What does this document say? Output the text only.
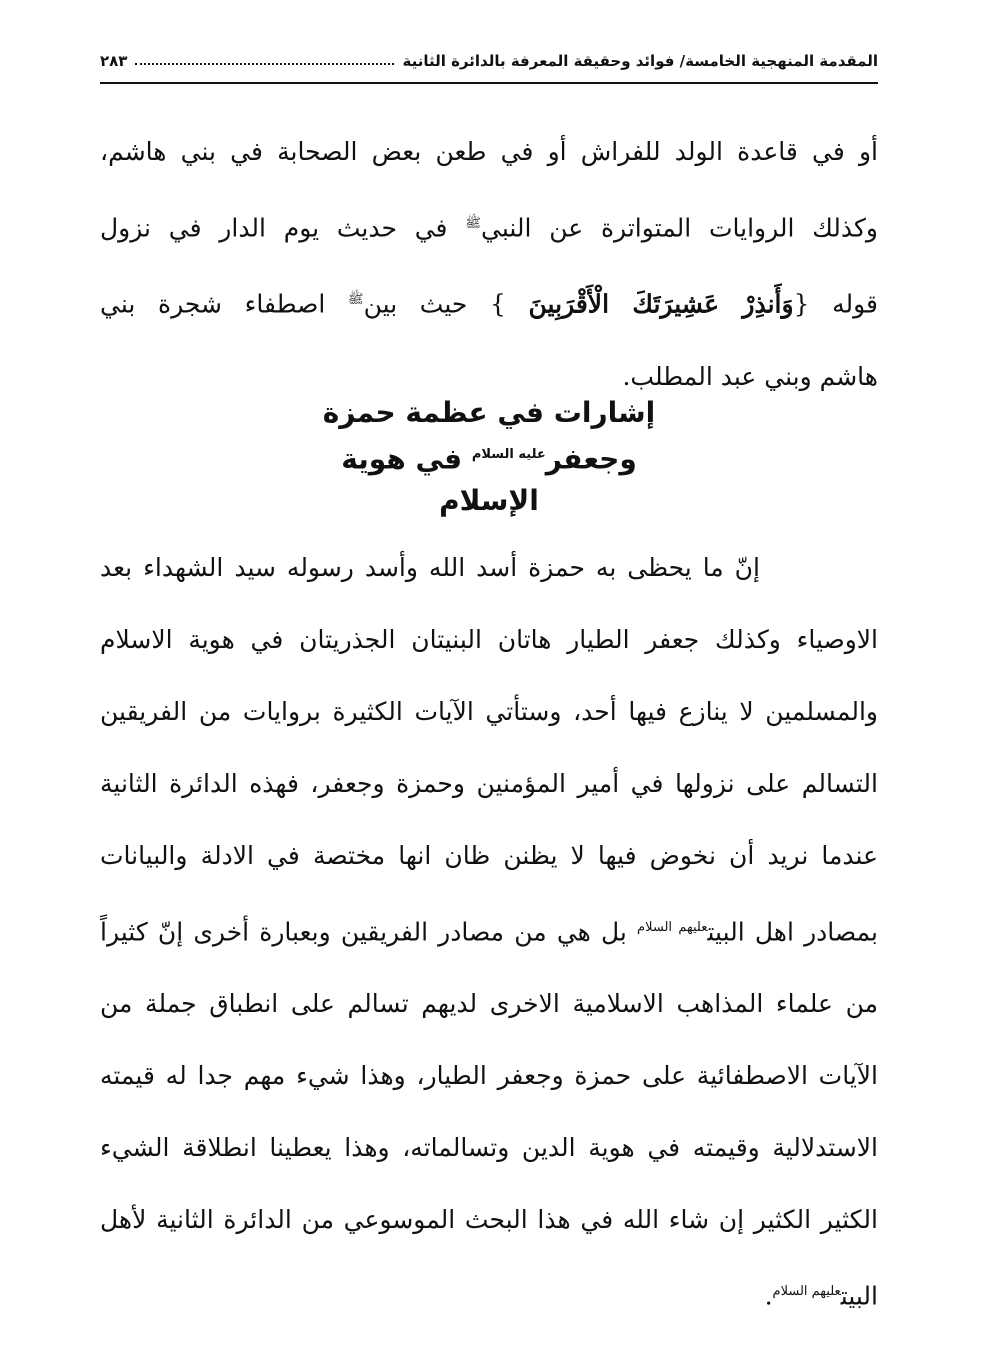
المقدمة المنهجية الخامسة/ فوائد وحقيقة المعرفة بالدائرة الثانية
٢٨٣

أو في قاعدة الولد للفراش أو في طعن بعض الصحابة في بني هاشم،

وكذلك الروايات المتواترة عن النبي$^ﷺ$ في حديث يوم الدار في نزول

قوله {وَأَنذِرْ عَشِيرَتَكَ الْأَقْرَبِينَ } حيث بين$^ﷺ$ اصطفاء شجرة بني

هاشم وبني عبد المطلب.

إشارات في عظمة حمزة
وجعفر$^{عليه السلام}$ في هوية
الإسلام

إنّ ما يحظى به حمزة أسد الله وأسد رسوله سيد الشهداء بعد الاوصياء وكذلك جعفر الطيار هاتان البنيتان الجذريتان في هوية الاسلام والمسلمين لا ينازع فيها أحد، وستأتي الآيات الكثيرة بروايات من الفريقين التسالم على نزولها في أمير المؤمنين وحمزة وجعفر، فهذه الدائرة الثانية عندما نريد أن نخوض فيها لا يظنن ظان انها مختصة في الادلة والبيانات بمصادر اهل البيت$^{عليهم السلام}$ بل هي من مصادر الفريقين وبعبارة أخرى إنّ كثيراً من علماء المذاهب الاسلامية الاخرى لديهم تسالم على انطباق جملة من الآيات الاصطفائية على حمزة وجعفر الطيار، وهذا شيء مهم جدا له قيمته الاستدلالية وقيمته في هوية الدين وتسالماته، وهذا يعطينا انطلاقة الشيء الكثير الكثير إن شاء الله في هذا البحث الموسوعي من الدائرة الثانية لأهل البيت$^{عليهم السلام}$.
